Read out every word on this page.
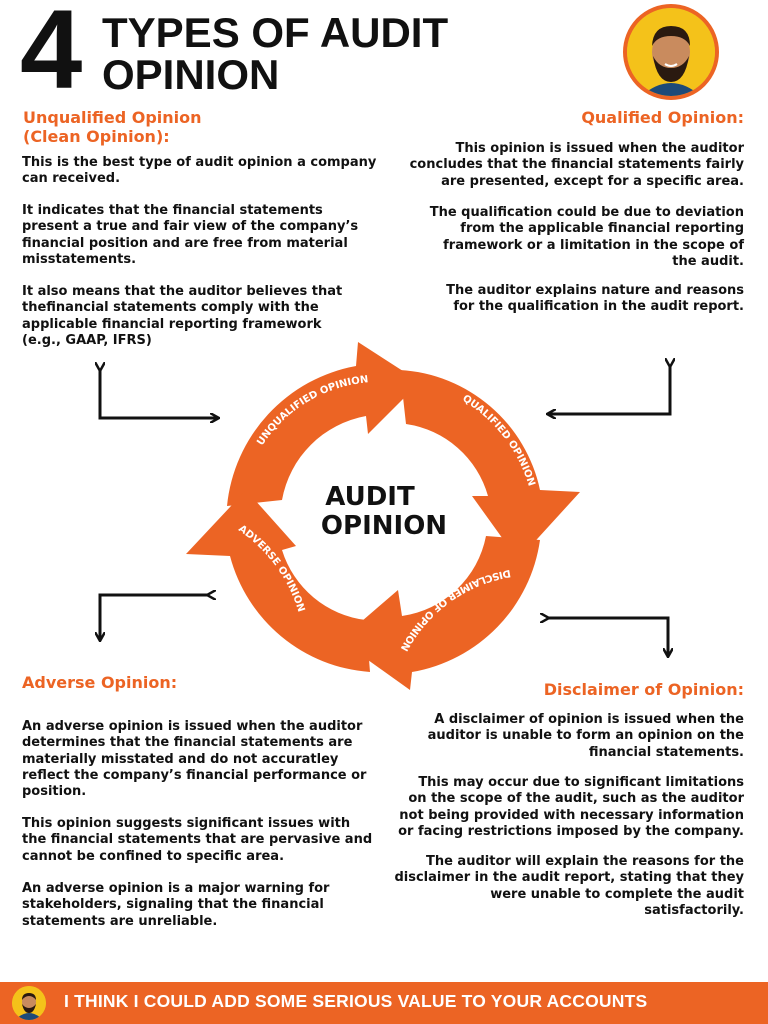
4 TYPES OF AUDIT
OPINION
Unqualified Opinion
(Clean Opinion):
This is the best type of audit opinion a company
can received.
It indicates that the financial statements
present a true and fair view of the company’s
financial position and are free from material
misstatements.
It also means that the auditor believes that
thefinancial statements comply with the
applicable financial reporting framework
(e.g., GAAP, IFRS)
Qualified Opinion:
This opinion is issued when the auditor
concludes that the financial statements fairly
are presented, except for a specific area.
The qualification could be due to deviation
from the applicable financial reporting
framework or a limitation in the scope of
the audit.
The auditor explains nature and reasons
for the qualification in the audit report.
Adverse Opinion:
An adverse opinion is issued when the auditor
determines that the financial statements are
materially misstated and do not accuratley
reflect the company’s financial performance or
position.
This opinion suggests significant issues with
the financial statements that are pervasive and
cannot be confined to specific area.
An adverse opinion is a major warning for
stakeholders, signaling that the financial
statements are unreliable.
Disclaimer of Opinion:
A disclaimer of opinion is issued when the
auditor is unable to form an opinion on the
financial statements.
This may occur due to significant limitations
on the scope of the audit, such as the auditor
not being provided with necessary information
or facing restrictions imposed by the company.
The auditor will explain the reasons for the
disclaimer in the audit report, stating that they
were unable to complete the audit
satisfactorily.
UNQUALIFIED OPINION
QUALIFIED OPINION
DISCLAIMER OF OPINION
ADVERSE OPINION
AUDIT
OPINION
I THINK I COULD ADD SOME SERIOUS VALUE TO YOUR ACCOUNTS
